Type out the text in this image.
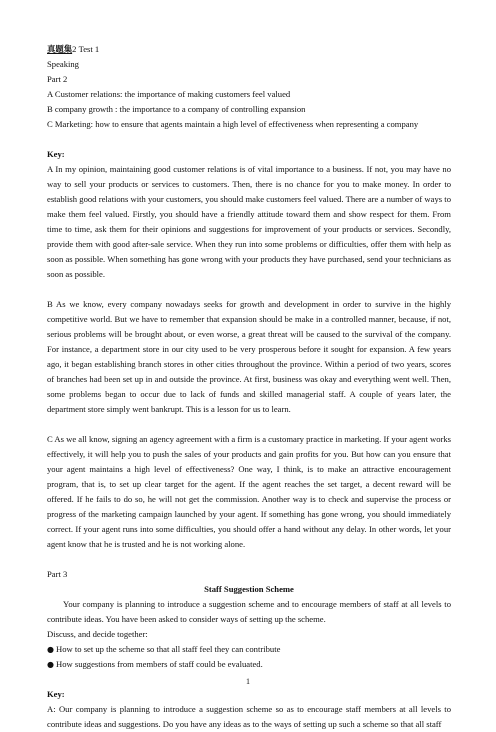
真题集2 Test 1
Speaking
Part 2
A Customer relations: the importance of making customers feel valued
B company growth : the importance to a company of controlling expansion
C Marketing: how to ensure that agents maintain a high level of effectiveness when representing a company
Key:

A In my opinion, maintaining good customer relations is of vital importance to a business. If not, you may have no way to sell your products or services to customers. Then, there is no chance for you to make money. In order to establish good relations with your customers, you should make customers feel valued. There are a number of ways to make them feel valued. Firstly, you should have a friendly attitude toward them and show respect for them. From time to time, ask them for their opinions and suggestions for improvement of your products or services. Secondly, provide them with good after-sale service. When they run into some problems or difficulties, offer them with help as soon as possible. When something has gone wrong with your products they have purchased, send your technicians as soon as possible.

B As we know, every company nowadays seeks for growth and development in order to survive in the highly competitive world. But we have to remember that expansion should be make in a controlled manner, because, if not, serious problems will be brought about, or even worse, a great threat will be caused to the survival of the company. For instance, a department store in our city used to be very prosperous before it sought for expansion. A few years ago, it began establishing branch stores in other cities throughout the province. Within a period of two years, scores of branches had been set up in and outside the province. At first, business was okay and everything went well. Then, some problems began to occur due to lack of funds and skilled managerial staff. A couple of years later, the department store simply went bankrupt. This is a lesson for us to learn.

C As we all know, signing an agency agreement with a firm is a customary practice in marketing. If your agent works effectively, it will help you to push the sales of your products and gain profits for you. But how can you ensure that your agent maintains a high level of effectiveness? One way, I think, is to make an attractive encouragement program, that is, to set up clear target for the agent. If the agent reaches the set target, a decent reward will be offered. If he fails to do so, he will not get the commission. Another way is to check and supervise the process or progress of the marketing campaign launched by your agent. If something has gone wrong, you should immediately correct. If your agent runs into some difficulties, you should offer a hand without any delay. In other words, let your agent know that he is trusted and he is not working alone.

Part 3
Staff Suggestion Scheme

Your company is planning to introduce a suggestion scheme and to encourage members of staff at all levels to contribute ideas. You have been asked to consider ways of setting up the scheme.

Discuss, and decide together:
● How to set up the scheme so that all staff feel they can contribute
● How suggestions from members of staff could be evaluated.
Key:

A: Our company is planning to introduce a suggestion scheme so as to encourage staff members at all levels to contribute ideas and suggestions. Do you have any ideas as to the ways of setting up such a scheme so that all staff

1
